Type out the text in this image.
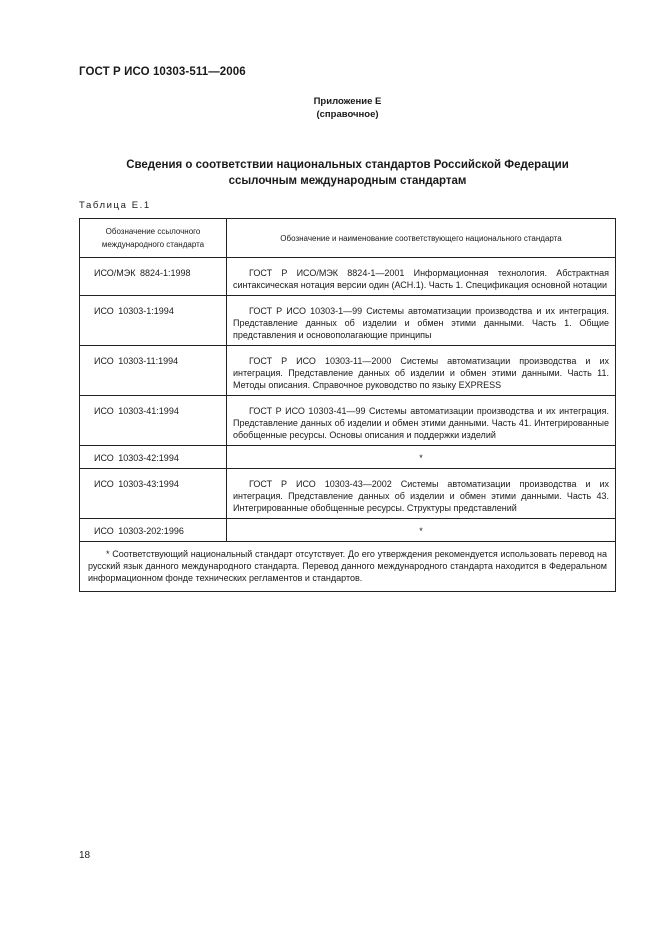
ГОСТ Р ИСО 10303-511—2006
Приложение Е
(справочное)
Сведения о соответствии национальных стандартов Российской Федерации
ссылочным международным стандартам
Таблица Е.1
Обозначение ссылочного международного стандарта	Обозначение и наименование соответствующего национального стандарта
ИСО/МЭК 8824-1:1998	ГОСТ Р ИСО/МЭК 8824-1—2001 Информационная технология. Абстрактная синтаксическая нотация версии один (АСН.1). Часть 1. Спецификация основной нотации
ИСО 10303-1:1994	ГОСТ Р ИСО 10303-1—99 Системы автоматизации производства и их интеграция. Представление данных об изделии и обмен этими данными. Часть 1. Общие представления и основополагающие принципы
ИСО 10303-11:1994	ГОСТ Р ИСО 10303-11—2000 Системы автоматизации производства и их интеграция. Представление данных об изделии и обмен этими данными. Часть 11. Методы описания. Справочное руководство по языку EXPRESS
ИСО 10303-41:1994	ГОСТ Р ИСО 10303-41—99 Системы автоматизации производства и их интеграция. Представление данных об изделии и обмен этими данными. Часть 41. Интегрированные обобщенные ресурсы. Основы описания и поддержки изделий
ИСО 10303-42:1994	*
ИСО 10303-43:1994	ГОСТ Р ИСО 10303-43—2002 Системы автоматизации производства и их интеграция. Представление данных об изделии и обмен этими данными. Часть 43. Интегрированные обобщенные ресурсы. Структуры представлений
ИСО 10303-202:1996	*
* Соответствующий национальный стандарт отсутствует. До его утверждения рекомендуется использовать перевод на русский язык данного международного стандарта. Перевод данного международного стандарта находится в Федеральном информационном фонде технических регламентов и стандартов.	
18
